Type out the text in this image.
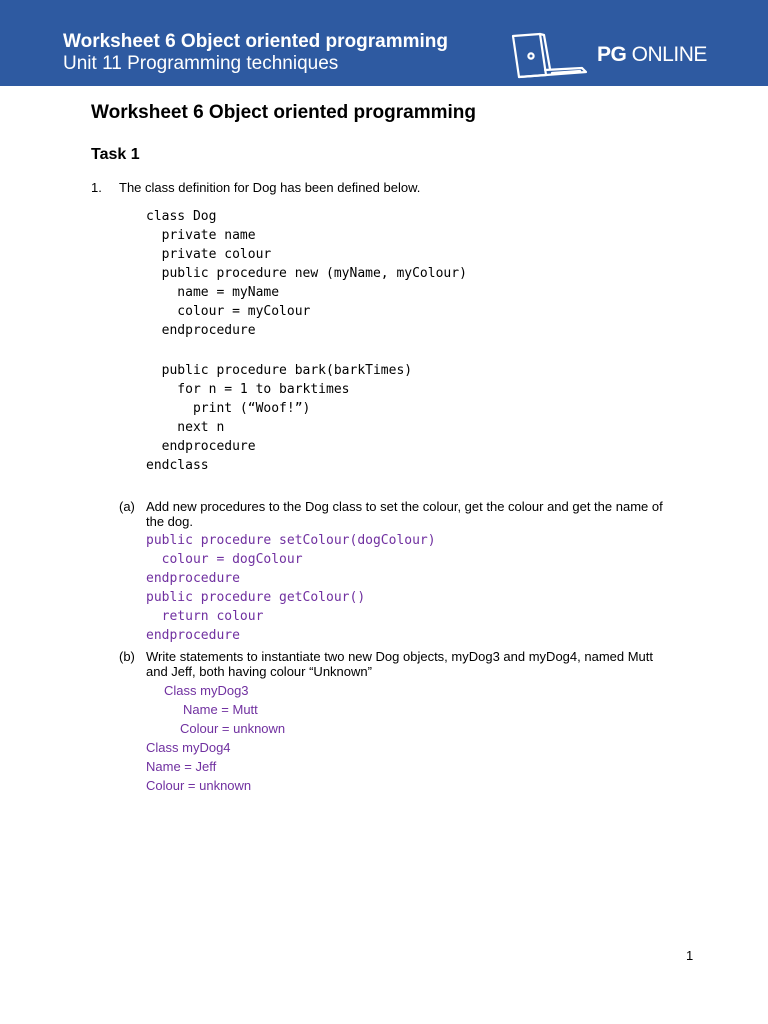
Worksheet 6 Object oriented programming
Unit 11 Programming techniques	PG ONLINE
Worksheet 6 Object oriented programming
Task 1
1. The class definition for Dog has been defined below.
class Dog
private name
private colour
public procedure new (myName, myColour)
name = myName
colour = myColour
endprocedure
public procedure bark(barkTimes)
for n = 1 to barktimes
print (“Woof!”)
next n
endprocedure
endclass
(a) Add new procedures to the Dog class to set the colour, get the colour and get the name of the dog.
public procedure setColour(dogColour)
colour = dogColour
endprocedure
public procedure getColour()
return colour
endprocedure
(b) Write statements to instantiate two new Dog objects, myDog3 and myDog4, named Mutt and Jeff, both having colour “Unknown”
Class myDog3
Name = Mutt
Colour = unknown
Class myDog4
Name = Jeff
Colour = unknown
1
